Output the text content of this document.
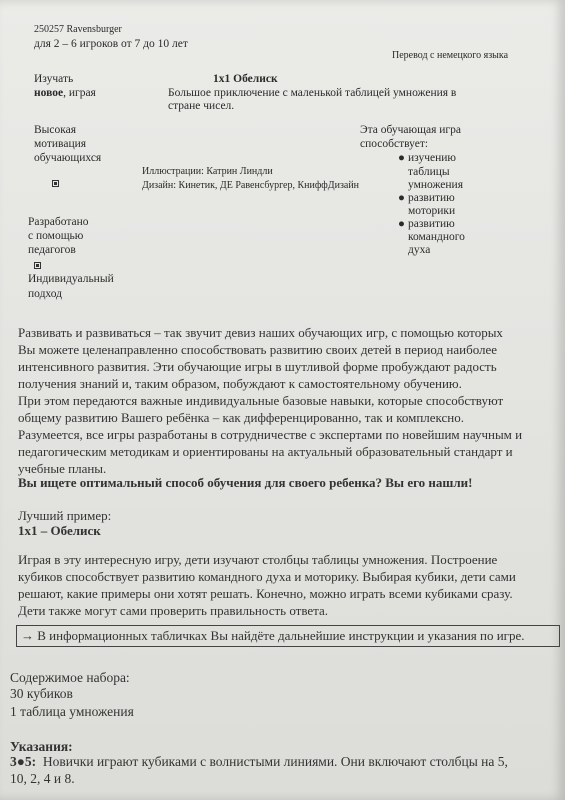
250257 Ravensburger

для 2 – 6 игроков от 7 до 10 лет

Перевод с немецкого языка

Изучать

новое, играя

Высокая

мотивация

обучающихся

Разработано

с помощью

педагогов

Индивидуальный

подход

1x1 Обелиск

Большое приключение с маленькой таблицей умножения в

стране чисел.

Иллюстрации: Катрин Линдли

Дизайн: Кинетик, ДЕ Равенсбургер, КниффДизайн

Эта обучающая игра

способствует:

● изучению

таблицы

умножения

● развитию

моторики

● развитию

командного

духа

Развивать и развиваться – так звучит девиз наших обучающих игр, с помощью которых
Вы можете целенаправленно способствовать развитию своих детей в период наиболее
интенсивного развития. Эти обучающие игры в шутливой форме пробуждают радость
получения знаний и, таким образом, побуждают к самостоятельному обучению.
При этом передаются важные индивидуальные базовые навыки, которые способствуют
общему развитию Вашего ребёнка – как дифференцированно, так и комплексно.
Разумеется, все игры разработаны в сотрудничестве с экспертами по новейшим научным и
педагогическим методикам и ориентированы на актуальный образовательный стандарт и
учебные планы.

Вы ищете оптимальный способ обучения для своего ребенка? Вы его нашли!

Лучший пример:

1x1 – Обелиск

Играя в эту интересную игру, дети изучают столбцы таблицы умножения. Построение
кубиков способствует развитию командного духа и моторику. Выбирая кубики, дети сами
решают, какие примеры они хотят решать. Конечно, можно играть всеми кубиками сразу.
Дети также могут сами проверить правильность ответа.
→ В информационных табличках Вы найдёте дальнейшие инструкции и указания по игре.

Содержимое набора:

30 кубиков

1 таблица умножения

Указания:

3●5:  Новички играют кубиками с волнистыми линиями. Они включают столбцы на 5,

10, 2, 4 и 8.
